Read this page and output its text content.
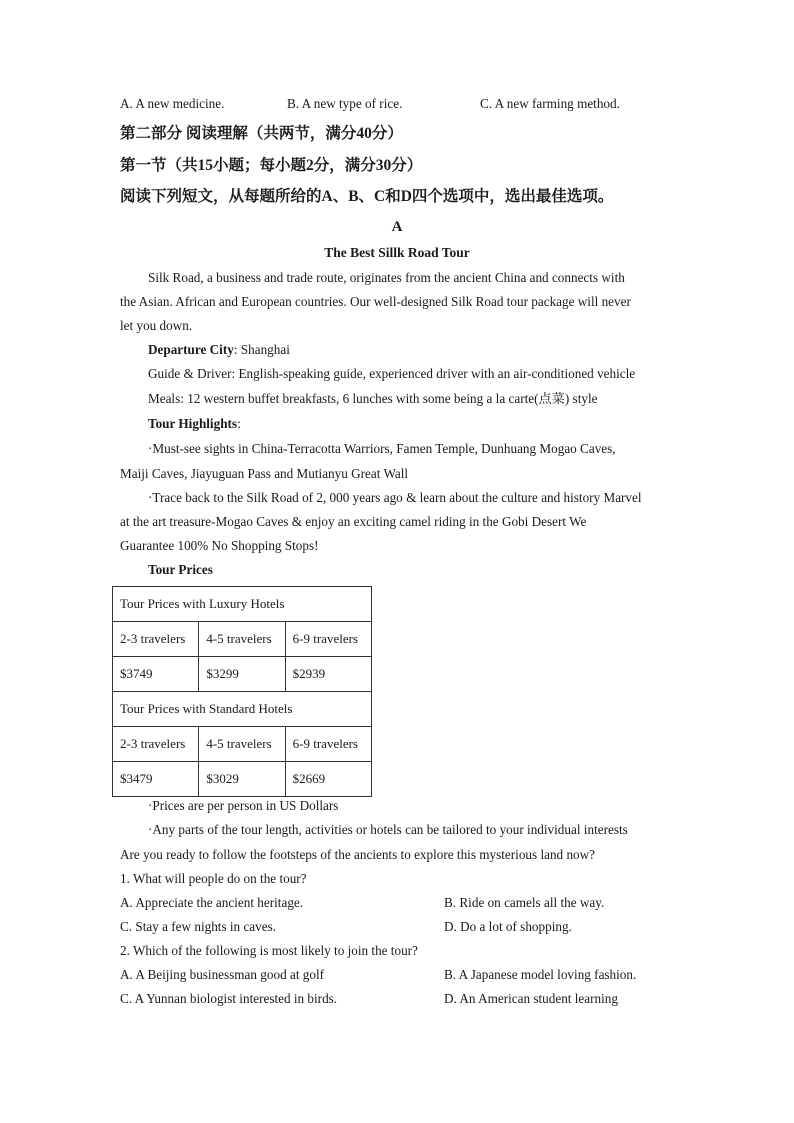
A. A new medicine.	B. A new type of rice.	C. A new farming method.
第二部分 阅读理解（共两节，满分40分）
第一节（共15小题；每小题2分，满分30分）
阅读下列短文，从每题所给的A、B、C和D四个选项中，选出最佳选项。
A
The Best Sillk Road Tour
Silk Road, a business and trade route, originates from the ancient China and connects with
the Asian. African and European countries. Our well-designed Silk Road tour package will never
let you down.
Departure City: Shanghai
Guide & Driver: English-speaking guide, experienced driver with an air-conditioned vehicle
Meals: 12 western buffet breakfasts, 6 lunches with some being a la carte(点菜) style
Tour Highlights:
·Must-see sights in China-Terracotta Warriors, Famen Temple, Dunhuang Mogao Caves,
Maiji Caves, Jiayuguan Pass and Mutianyu Great Wall
·Trace back to the Silk Road of 2, 000 years ago & learn about the culture and history Marvel
at the art treasure-Mogao Caves & enjoy an exciting camel riding in the Gobi Desert We
Guarantee 100% No Shopping Stops!
Tour Prices
Tour Prices with Luxury Hotels		
2-3 travelers	4-5 travelers	6-9 travelers
$3749	$3299	$2939
Tour Prices with Standard Hotels		
2-3 travelers	4-5 travelers	6-9 travelers
$3479	$3029	$2669
·Prices are per person in US Dollars
·Any parts of the tour length, activities or hotels can be tailored to your individual interests
Are you ready to follow the footsteps of the ancients to explore this mysterious land now?
1. What will people do on the tour?
A. Appreciate the ancient heritage.	B. Ride on camels all the way.
C. Stay a few nights in caves.	D. Do a lot of shopping.
2. Which of the following is most likely to join the tour?
A. A Beijing businessman good at golf	B. A Japanese model loving fashion.
C. A Yunnan biologist interested in birds.	D. An American student learning
